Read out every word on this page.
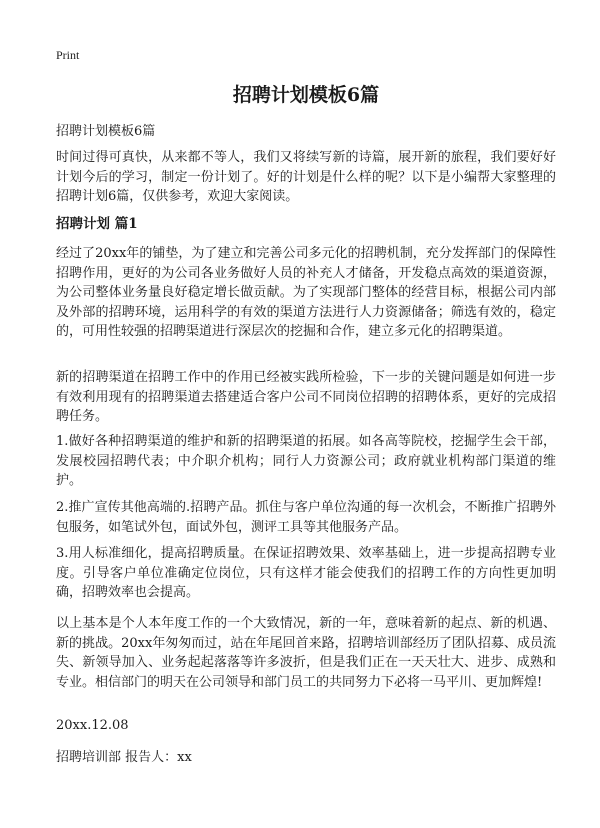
Print
招聘计划模板6篇

招聘计划模板6篇

时间过得可真快，从来都不等人，我们又将续写新的诗篇，展开新的旅程，我们要好好计划今后的学习，制定一份计划了。好的计划是什么样的呢？以下是小编帮大家整理的招聘计划6篇，仅供参考，欢迎大家阅读。

招聘计划 篇1

经过了20xx年的铺垫，为了建立和完善公司多元化的招聘机制，充分发挥部门的保障性招聘作用，更好的为公司各业务做好人员的补充人才储备，开发稳点高效的渠道资源，为公司整体业务量良好稳定增长做贡献。为了实现部门整体的经营目标，根据公司内部及外部的招聘环境，运用科学的有效的渠道方法进行人力资源储备；筛选有效的，稳定的，可用性较强的招聘渠道进行深层次的挖掘和合作，建立多元化的招聘渠道。

新的招聘渠道在招聘工作中的作用已经被实践所检验，下一步的关键问题是如何进一步有效利用现有的招聘渠道去搭建适合客户公司不同岗位招聘的招聘体系，更好的完成招聘任务。

1.做好各种招聘渠道的维护和新的招聘渠道的拓展。如各高等院校，挖掘学生会干部，发展校园招聘代表；中介职介机构；同行人力资源公司；政府就业机构部门渠道的维护。

2.推广宣传其他高端的.招聘产品。抓住与客户单位沟通的每一次机会，不断推广招聘外包服务，如笔试外包，面试外包，测评工具等其他服务产品。

3.用人标准细化，提高招聘质量。在保证招聘效果、效率基础上，进一步提高招聘专业度。引导客户单位准确定位岗位，只有这样才能会使我们的招聘工作的方向性更加明确，招聘效率也会提高。

以上基本是个人本年度工作的一个大致情况，新的一年，意味着新的起点、新的机遇、新的挑战。20xx年匆匆而过，站在年尾回首来路，招聘培训部经历了团队招募、成员流失、新领导加入、业务起起落落等许多波折，但是我们正在一天天壮大、进步、成熟和专业。相信部门的明天在公司领导和部门员工的共同努力下必将一马平川、更加辉煌!

20xx.12.08

招聘培训部 报告人：xx
